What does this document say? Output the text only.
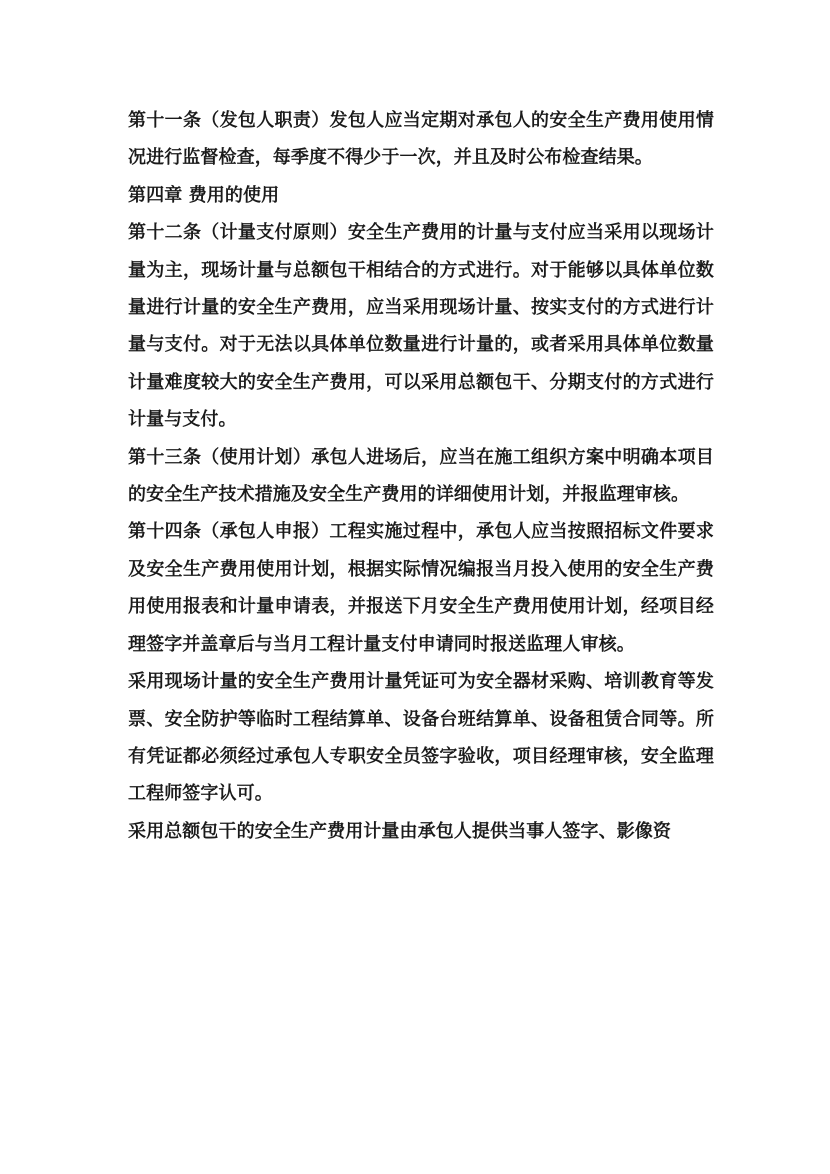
第十一条（发包人职责）发包人应当定期对承包人的安全生产费用使用情况进行监督检查，每季度不得少于一次，并且及时公布检查结果。

第四章 费用的使用

第十二条（计量支付原则）安全生产费用的计量与支付应当采用以现场计量为主，现场计量与总额包干相结合的方式进行。对于能够以具体单位数量进行计量的安全生产费用，应当采用现场计量、按实支付的方式进行计量与支付。对于无法以具体单位数量进行计量的，或者采用具体单位数量计量难度较大的安全生产费用，可以采用总额包干、分期支付的方式进行计量与支付。

第十三条（使用计划）承包人进场后，应当在施工组织方案中明确本项目的安全生产技术措施及安全生产费用的详细使用计划，并报监理审核。

第十四条（承包人申报）工程实施过程中，承包人应当按照招标文件要求及安全生产费用使用计划，根据实际情况编报当月投入使用的安全生产费用使用报表和计量申请表，并报送下月安全生产费用使用计划，经项目经理签字并盖章后与当月工程计量支付申请同时报送监理人审核。

采用现场计量的安全生产费用计量凭证可为安全器材采购、培训教育等发票、安全防护等临时工程结算单、设备台班结算单、设备租赁合同等。所有凭证都必须经过承包人专职安全员签字验收，项目经理审核，安全监理工程师签字认可。

采用总额包干的安全生产费用计量由承包人提供当事人签字、影像资
